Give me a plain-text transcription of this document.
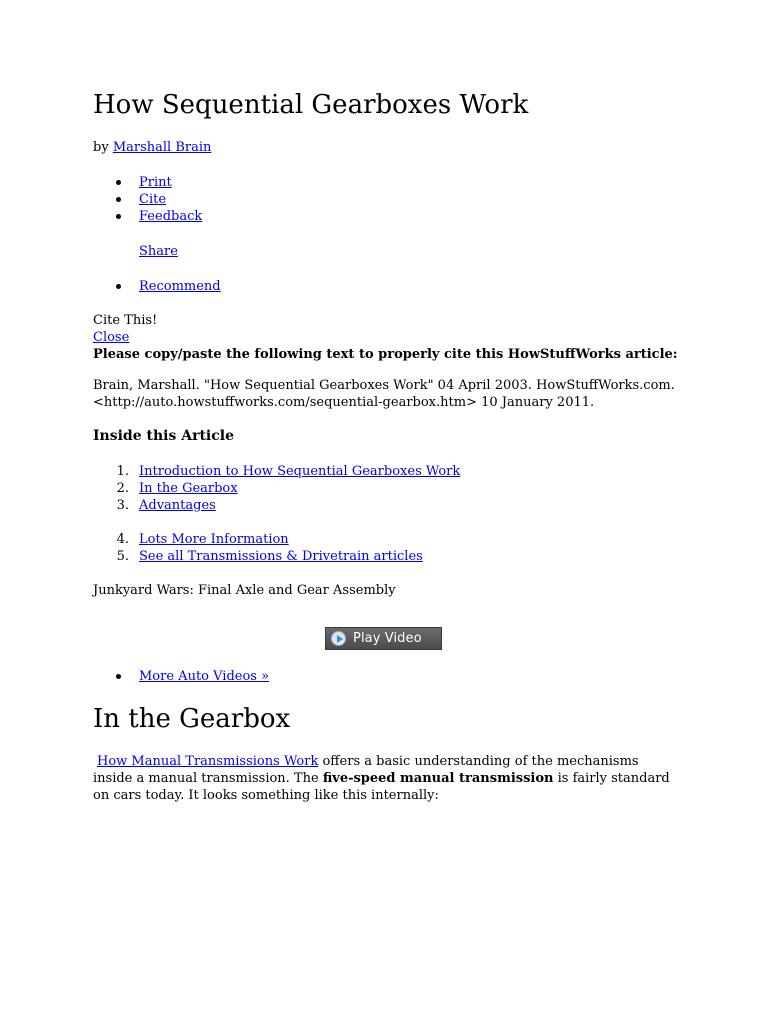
How Sequential Gearboxes Work
by Marshall Brain
Print
Cite
Feedback
Share
Recommend
Cite This!
Close
Please copy/paste the following text to properly cite this HowStuffWorks article:
Brain, Marshall. "How Sequential Gearboxes Work" 04 April 2003. HowStuffWorks.com.
<http://auto.howstuffworks.com/sequential-gearbox.htm> 10 January 2011.
Inside this Article
1. Introduction to How Sequential Gearboxes Work
2. In the Gearbox
3. Advantages
4. Lots More Information
5. See all Transmissions & Drivetrain articles
Junkyard Wars: Final Axle and Gear Assembly
Play Video
More Auto Videos »
In the Gearbox
How Manual Transmissions Work offers a basic understanding of the mechanisms inside a manual transmission. The five-speed manual transmission is fairly standard on cars today. It looks something like this internally:
